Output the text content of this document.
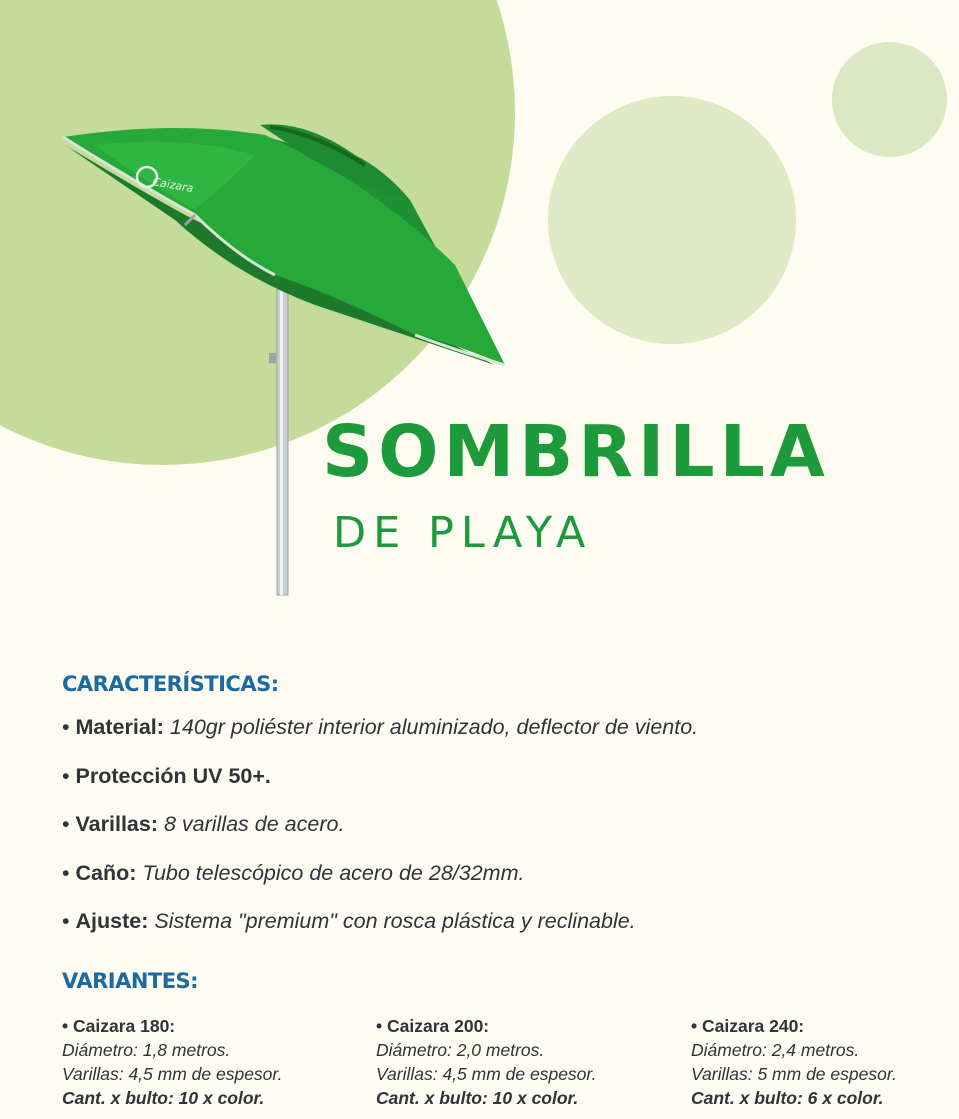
Caizara
SOMBRILLA
DE PLAYA
CARACTERÍSTICAS:
• Material: 140gr poliéster interior aluminizado, deflector de viento.
• Protección UV 50+.
• Varillas: 8 varillas de acero.
• Caño: Tubo telescópico de acero de 28/32mm.
• Ajuste: Sistema "premium" con rosca plástica y reclinable.
VARIANTES:
• Caizara 180:
Diámetro: 1,8 metros.
Varillas: 4,5 mm de espesor.
Cant. x bulto: 10 x color.
• Caizara 200:
Diámetro: 2,0 metros.
Varillas: 4,5 mm de espesor.
Cant. x bulto: 10 x color.
• Caizara 240:
Diámetro: 2,4 metros.
Varillas: 5 mm de espesor.
Cant. x bulto: 6 x color.
